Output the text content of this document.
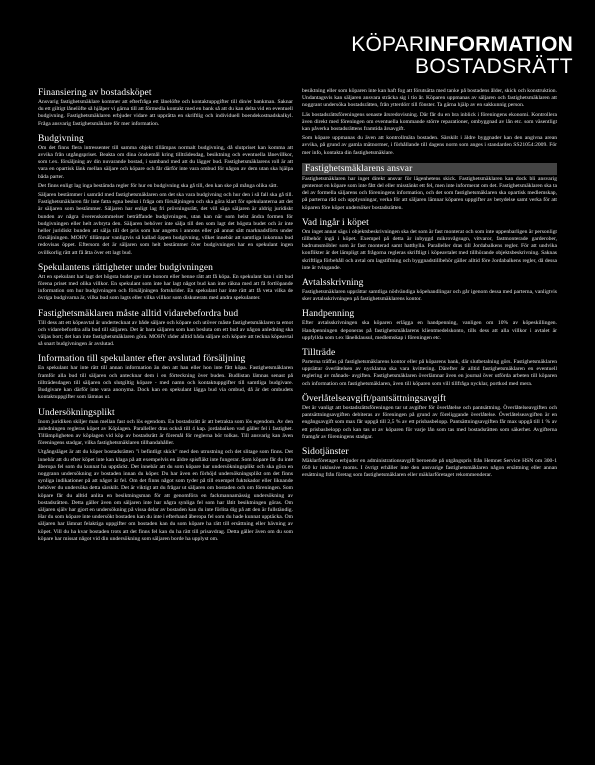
KÖPARINFORMATION
BOSTADSRÄTT
Finansiering av bostadsköpet

Ansvarig fastighetsmäklare kommer att efterfråga ett lånelöfte och kontaktuppgifter till din/er bankman. Saknar du ett giltigt lånelöfte så hjälper vi gärna till att förmedla kontakt med en bank så att du kan delta vid en eventuell budgivning. Fastighetsmäklaren erbjuder vidare att upprätta en skriftlig och individuell boendekostnadskalkyl. Fråga ansvarig fastighetsmäklare för mer information.

Budgivning

Om det finns flera intressenter till samma objekt tillämpas normalt budgivning, då slutpriset kan komma att avvika från utgångspriset. Beakta om dina önskemål kring tillträdesdag, besiktning och eventuella lånevillkor, som t.ex. försäljning av din nuvarande bostad, i samband med att du lägger bud. Fastighetsmäklarens roll är att vara en opartisk länk mellan säljare och köpare och får därför inte vara ombud för någon av dem utan ska hjälpa båda parter.

Det finns enligt lag inga bestämda regler för hur en budgivning ska gå till, den kan ske på många olika sätt.

Säljaren bestämmer i samråd med fastighetsmäklaren om det ska vara budgivning och hur den i så fall ska gå till. Fastighetsmäklaren får inte fatta egna beslut i fråga om försäljningen och ska göra klart för spekulanterna att det är säljaren som bestämmer. Säljaren har enligt lag fri prövningsrätt, det vill säga säljaren är aldrig juridiskt bunden av några överenskommelser beträffande budgivningen, utan kan när som helst ändra formen för budgivningen eller helt avbryta den. Säljaren behöver inte sälja till den som lagt det högsta budet och är inte heller juridiskt bunden att sälja till det pris som har angetts i annons eller på annat sätt marknadsförts under försäljningen. MOHV tillämpar vanligtvis så kallad öppen budgivning, vilket innebär att samtliga inkomna bud redovisas öppet. Eftersom det är säljaren som helt bestämmer över budgivningen har en spekulant ingen ovillkorlig rätt att få åtta över ett lagt bud.

Spekulantens rättigheter under budgivningen

Att en spekulant har lagt det högsta budet ger inte honom eller henne rätt att få köpa. En spekulant kan i sitt bud förena priset med olika villkor. En spekulant som inte har lagt något bud kan inte räkna med att få fortlöpande information om hur budgivningen och försäljningen fortskrider. En spekulant har inte rätt att få veta vilka de övriga budgivarna är, vilka bud som lagts eller vilka villkor som diskuterats med andra spekulanter.

Fastighetsmäklaren måste alltid vidarebefordra bud

Till dess att ett köpeavtal är undertecknat av både säljare och köpare och utöver måste fastighetsmäklaren ta emot och vidarebefordra alla bud till säljaren. Det är bara säljaren som kan besluta om ett bud av någon anledning ska väljas bort; det kan inte fastighetsmäklaren göra. MOHV råder alltid båda säljare och köpare att teckna köpeavtal så snart budgivningen är avslutad.

Information till spekulanter efter avslutad försäljning

En spekulant har inte rätt till annan information än den att han eller hon inte fått köpa. Fastighetsmäklaren framför alla bud till säljaren och antecknar dem i en förteckning över buden. Budlistan lämnas senast på tillträdesdagen till säljaren och slutgiltig köpare - med namn och kontaktuppgifter till samtliga budgivare. Budgivare kan därför inte vara anonyma. Dock kan en spekulant lägga bud via ombud, då är det ombudets kontaktuppgifter som lämnas ut.

Undersökningsplikt

Inom juridiken skiljer man mellan fast och lös egendom. En bostadsrätt är att betrakta som lös egendom. Av den anledningen regleras köpet av Köplagen. Paralleller dras också till 4 kap. jordabalken vad gäller fel i fastighet. Tillämpligheten av köplagen vid köp av bostadsrätt är föremål för reglerna bör tolkas. Till ansvarig kan även föreningens stadgar, vilka fastighetsmäklaren tillhandahåller.

Utgångsläget är att du köper bostadsrätten "i befintligt skick" med den utrustning och det slitage som finns. Det innebär att du efter köpet inte kan klaga på att exempelvis en äldre spisfläkt inte fungerar. Som köpare får du inte åberopa fel som du kunnat ha upptäckt. Det innebär att du som köpare har undersökningsplikt och ska göra en noggrann undersökning av bostaden innan du köper. Du har även en förhöjd undersökningsplikt om det finns synliga indikationer på att något är fel. Om det finns något som tyder på till exempel fuktskador eller liknande behöver du undersöka detta särskilt. Det är viktigt att du frågar ut säljaren om bostaden och om föreningen. Som köpare får du alltid anlita en besiktningsman för att genomföra en fackmannamässig undersökning av bostadsrätten. Detta gäller även om säljaren inte har några synliga fel som har låtit besiktningen göras. Om säljaren själv har gjort en undersökning på vissa delar av bostaden kan du inte förlita dig på att den är fullständig. Har du som köpare inte undersökt bostaden kan du inte i efterhand åberopa fel som du hade kunnat upptäcka. Om säljaren har lämnat felaktiga uppgifter om bostaden kan du som köpare ha rätt till ersättning eller hävning av köpet. Vill du ha kvar bostaden trots att det finns fel kan du ha rätt till prisavdrag. Detta gäller även om du som köpare har missat något vid din undersökning som säljaren borde ha upplyst om.

besiktning eller som köparen inte kan haft fog att förutsätta med tanke på bostadens ålder, skick och konstruktion. Undantagsvis kan säljaren ansvara sträcka sig i tio år. Köparen uppmanas av säljaren och fastighetsmäklaren att noggrant undersöka bostadsrätten, från ytterdörr till fönster. Ta gärna hjälp av en sakkunnig person.

Läs bostadsrättsföreningens senaste årsredovisning. Där får du en bra inblick i föreningens ekonomi. Kontrollera även direkt med föreningen om eventuella kommande större reparationer, ombyggnad av lån etc. som väsentligt kan påverka bostadsrättens framtida årsavgift.

Som köpare uppmanas du även att kontrollmäta bostaden. Särskilt i äldre byggnader kan den angivna arean avvika, på grund av gamla mätnormer, i förhållande till dagens norm som anges i standarden SS21054:2009. För mer info, kontakta din fastighetsmäklare.

Fastighetsmäklarens ansvar

Fastighetsmäklaren har inget direkt ansvar för lägenhetens skick. Fastighetsmäklaren kan dock bli ansvarig gentemot en köpare som inte fått del eller misstänkt ett fel, men inte informerat om det. Fastighetsmäklaren ska ta del av formella säljarens och föreningens information, och det som fastighetsmäklaren ska opartisk medlemskap, på parterna råd och upplysningar, verka för att säljaren lämnar köparen uppgifter av betydelse samt verka för att köparen före köpet undersöker bostadsrätten.

Vad ingår i köpet

Om inget annat sägs i objektsbeskrivningen ska det som är fast monterat och som inte uppenbarligen är personligt tillbehör ingå i köpet. Exempel på detta är inbyggd mikrovågsugn, vitvaror, fastmonterade garderober, badrumsmöbler som är fast monterad samt hatthylla. Paralleller dras till Jordabalkens regler. För att undvika konflikter är det lämpligt att frågorna regleras skriftligt i köpeavtalet med tillhörande objektsbeskrivning. Saknas skriftliga förbehåll och avtal om lagstiftning och byggnadstillbehör gäller alltid före Jordabalkens regler, då dessa inte är tvingande.

Avtalsskrivning

Fastighetsmäklaren upprättar samtliga nödvändiga köpehandlingar och går igenom dessa med parterna, vanligtvis sker avtalsskrivningen på fastighetsmäklarens kontor.

Handpenning

Efter avtalsskrivningen ska köparen erlägga en handpenning, vanligen om 10% av köpeskillingen. Handpenningen deponeras på fastighetsmäklarens klientmedelskonto, tills dess att alla villkor i avtalet är uppfyllda som t.ex lånelklausul, medlemskap i föreningen etc.

Tillträde

Parterna träffas på fastighetsmäklarens kontor eller på köparens bank, där slutbetalning görs. Fastighetsmäklaren upprättar överlåtelsen av nycklarna ska vara kvittering. Därefter är alltid fastighetsmäklaren en eventuell reglering av månads- avgiften. Fastighetsmäklaren överlämnar även en journal över utförda arbeten till köparen och information om fastighetsmäklaren, även till köparen som vill tillfråga nycklar, portkod med mera.

Överlåtelseavgift/pantsättningsavgift

Det är vanligt att bostadsrättsföreningen tar ut avgifter för överlåtelse och pantsättning. Överlåtelseavgiften och pantsättningsavgiften debiteras av föreningen på grund av föreliggande överlåtelse. Överlåtelseavgiften är en engångsavgift som max får uppgå till 2,5 % av ett prisbasbelopp. Pantsättningsavgiften får max uppgå till 1 % av ett prisbasbelopp och kan tas ut av köparen för varje lån som tas med bostadsrätten som säkerhet. Avgifterna framgår av föreningens stadgar.

Sidotjänster

Mäklarföretaget erbjuder en administrationsavgift beroende på utgångspris från Hemnet Service HSN om 300-1 050 kr inklusive moms. I övrigt erhåller inte den ansvarige fastighetsmäklaren någon ersättning eller annan ersättning från företag som fastighetsmäklaren eller mäklarföretaget rekommenderar.
